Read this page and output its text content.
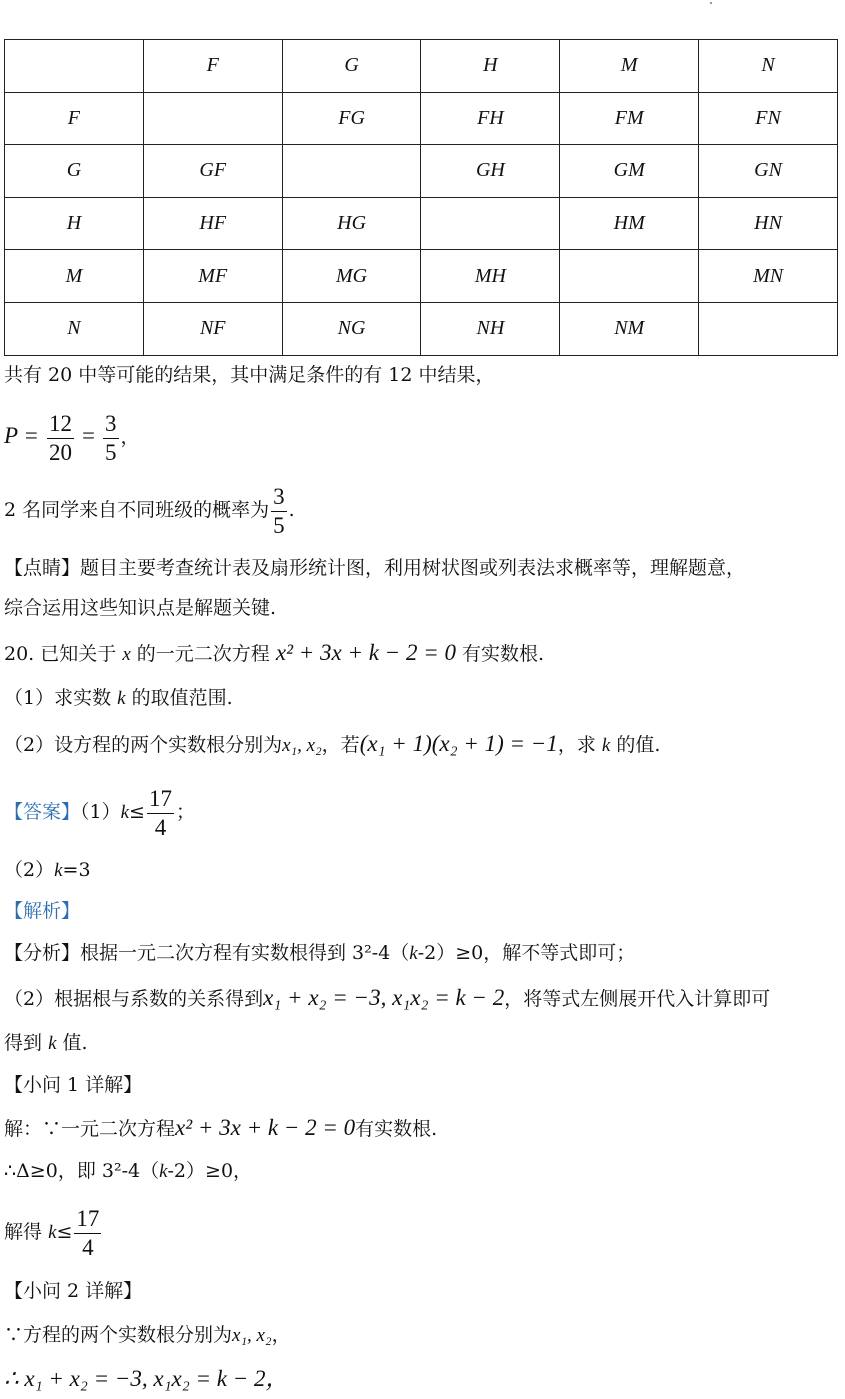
	F	G	H	M	N
F		FG	FH	FM	FN
G	GF		GH	GM	GN
H	HF	HG		HM	HN
M	MF	MG	MH		MN
N	NF	NG	NH	NM	
共有 20 中等可能的结果，其中满足条件的有 12 中结果，
$P = \frac{12}{20} = \frac{3}{5}$ ，
2 名同学来自不同班级的概率为 $\frac{3}{5}$ .
【点睛】题目主要考查统计表及扇形统计图，利用树状图或列表法求概率等，理解题意，
综合运用这些知识点是解题关键.
20. 已知关于 x 的一元二次方程 x² + 3x + k − 2 = 0 有实数根.
（1）求实数 k 的取值范围.
（2）设方程的两个实数根分别为x₁, x₂，若(x₁ + 1)(x₂ + 1) = −1，求 k 的值.
【答案】$(1)k\le \frac{17}{4}$ ；
（2）k=3
【解析】
【分析】根据一元二次方程有实数根得到 3²-4（k-2）≥0，解不等式即可；
（2）根据根与系数的关系得到x₁ + x₂ = −3, x₁x₂ = k − 2，将等式左侧展开代入计算即可
得到 k 值.
【小问 1 详解】
解：∵一元二次方程x² + 3x + k − 2 = 0有实数根.
∴Δ≥0，即 3²-4（k-2）≥0，
解得 $k\le \frac{17}{4}$
【小问 2 详解】
∵方程的两个实数根分别为x₁, x₂，
∴ x₁ + x₂ = −3, x₁x₂ = k − 2，
